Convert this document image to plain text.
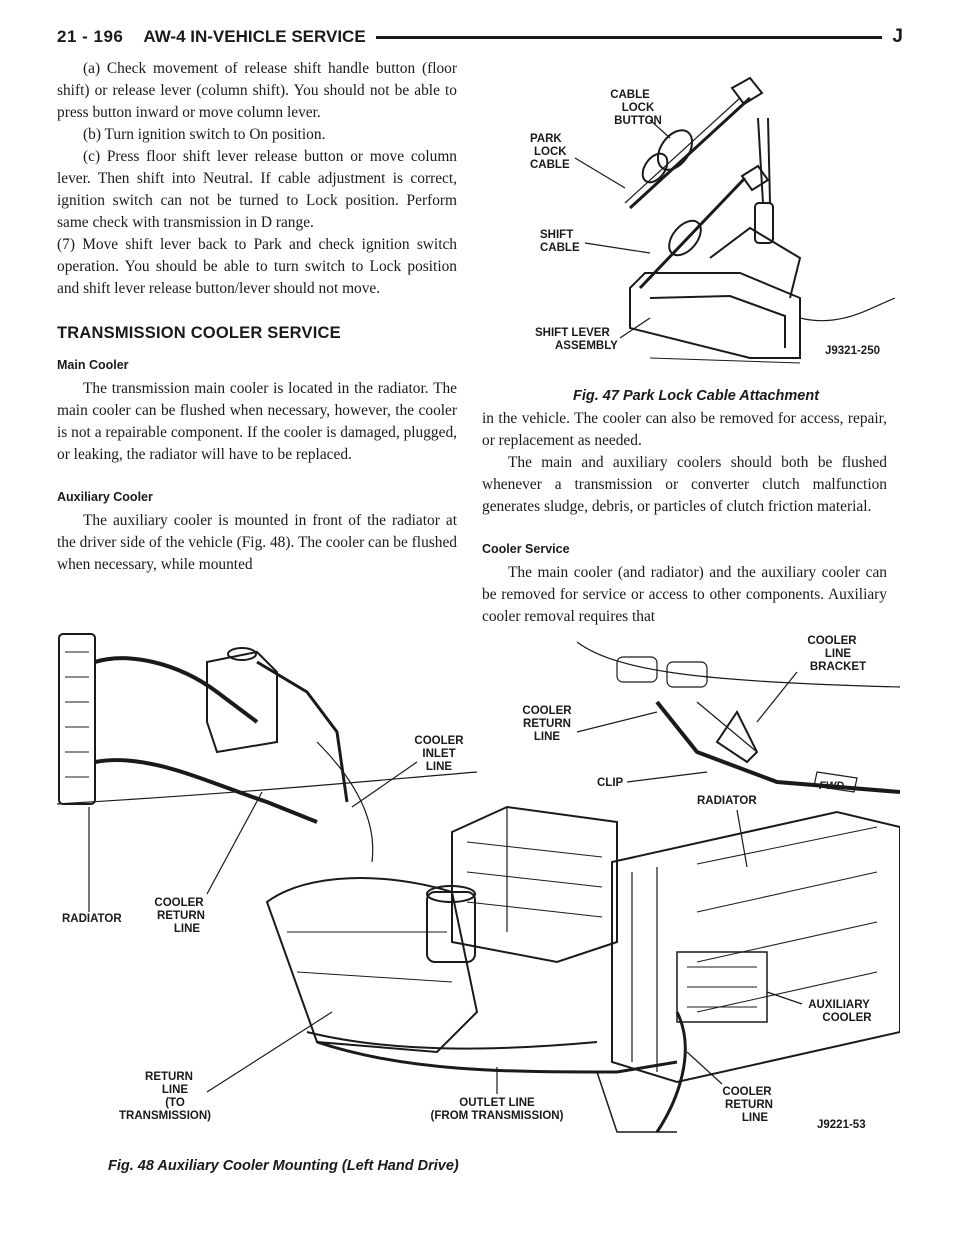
21 - 196 AW-4 IN-VEHICLE SERVICE	J

(a) Check movement of release shift handle button (floor shift) or release lever (column shift). You should not be able to press button inward or move column lever.

(b) Turn ignition switch to On position.

(c) Press floor shift lever release button or move column lever. Then shift into Neutral. If cable adjustment is correct, ignition switch can not be turned to Lock position. Perform same check with transmission in D range.

(7) Move shift lever back to Park and check ignition switch operation. You should be able to turn switch to Lock position and shift lever release button/lever should not move.

TRANSMISSION COOLER SERVICE
Main Cooler

The transmission main cooler is located in the radiator. The main cooler can be flushed when necessary, however, the cooler is not a repairable component. If the cooler is damaged, plugged, or leaking, the radiator will have to be replaced.

Auxiliary Cooler

The auxiliary cooler is mounted in front of the radiator at the driver side of the vehicle (Fig. 48). The cooler can be flushed when necessary, while mounted

in the vehicle. The cooler can also be removed for access, repair, or replacement as needed.

The main and auxiliary coolers should both be flushed whenever a transmission or converter clutch malfunction generates sludge, debris, or particles of clutch friction material.

Cooler Service

The main cooler (and radiator) and the auxiliary cooler can be removed for service or access to other components. Auxiliary cooler removal requires that

CABLE
LOCK
BUTTON
PARK
LOCK
CABLE
SHIFT
CABLE
SHIFT LEVER
ASSEMBLY	J9321-250
Fig. 47 Park Lock Cable Attachment
COOLER
LINE
BRACKET
COOLER
RETURN
LINE
COOLER
INLET
LINE
CLIP	FWD
RADIATOR
RADIATOR
COOLER
RETURN
LINE
AUXILIARY
COOLER
RETURN
LINE
(TO
TRANSMISSION)
OUTLET LINE
(FROM TRANSMISSION)
COOLER
RETURN
LINE
J9221-53
Fig. 48 Auxiliary Cooler Mounting (Left Hand Drive)
